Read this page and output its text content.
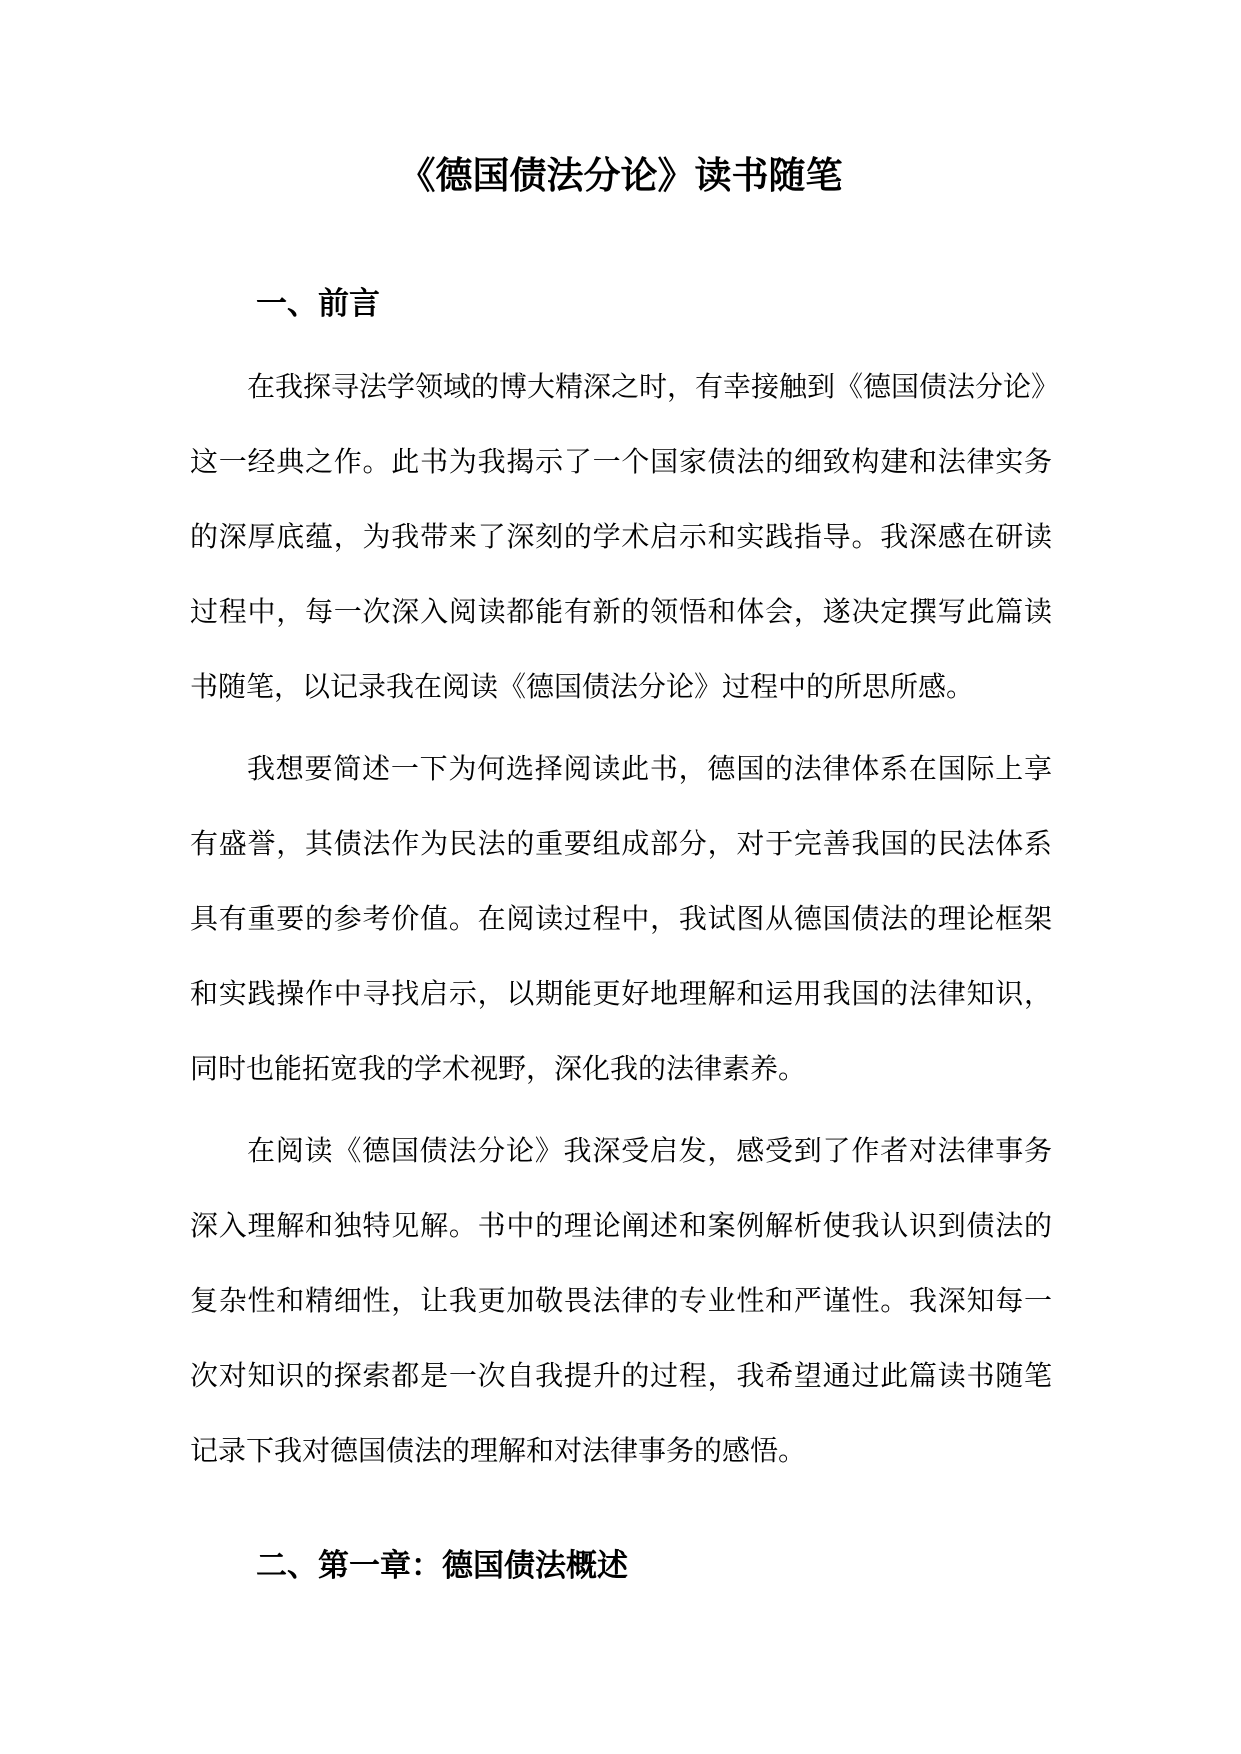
《德国债法分论》读书随笔
一、前言
在我探寻法学领域的博大精深之时，有幸接触到《德国债法分论》
这一经典之作。此书为我揭示了一个国家债法的细致构建和法律实务
的深厚底蕴，为我带来了深刻的学术启示和实践指导。我深感在研读
过程中，每一次深入阅读都能有新的领悟和体会，遂决定撰写此篇读
书随笔，以记录我在阅读《德国债法分论》过程中的所思所感。
我想要简述一下为何选择阅读此书，德国的法律体系在国际上享
有盛誉，其债法作为民法的重要组成部分，对于完善我国的民法体系
具有重要的参考价值。在阅读过程中，我试图从德国债法的理论框架
和实践操作中寻找启示，以期能更好地理解和运用我国的法律知识，
同时也能拓宽我的学术视野，深化我的法律素养。
在阅读《德国债法分论》我深受启发，感受到了作者对法律事务
深入理解和独特见解。书中的理论阐述和案例解析使我认识到债法的
复杂性和精细性，让我更加敬畏法律的专业性和严谨性。我深知每一
次对知识的探索都是一次自我提升的过程，我希望通过此篇读书随笔
记录下我对德国债法的理解和对法律事务的感悟。
二、第一章：德国债法概述
